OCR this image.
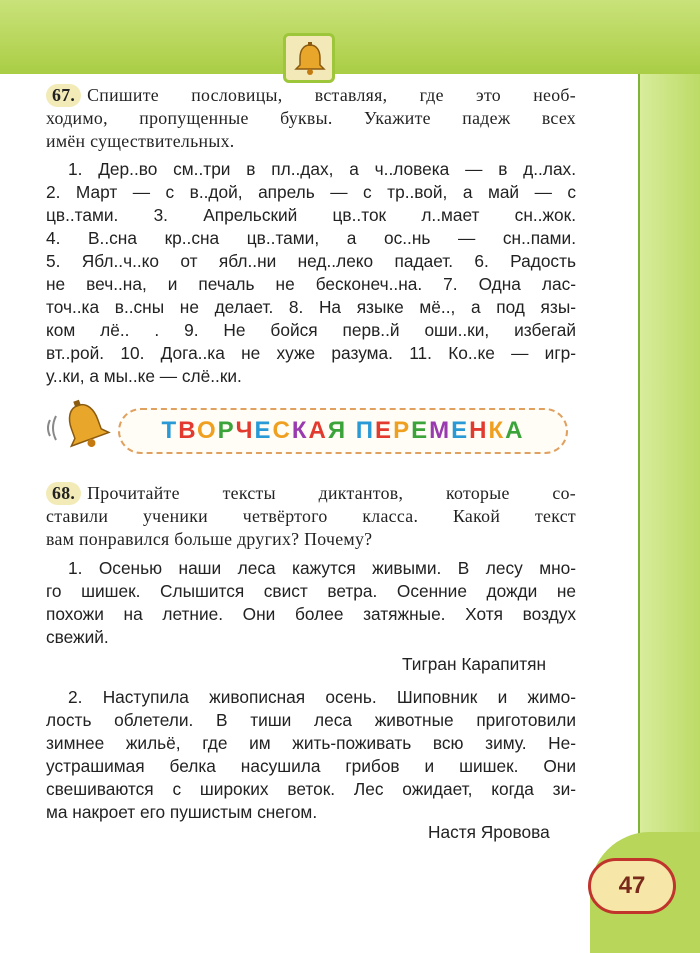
47
67. Спишите пословицы, вставляя, где это необ-
ходимо, пропущенные буквы. Укажите падеж всех
имён существительных.
1. Дер..во см..три в пл..дах, а ч..ловека — в д..лах.
2. Март — с в..дой, апрель — с тр..вой, а май — с
цв..тами. 3. Апрельский цв..ток л..мает сн..жок.
4. В..сна кр..сна цв..тами, а ос..нь — сн..пами.
5. Ябл..ч..ко от ябл..ни нед..леко падает. 6. Радость
не веч..на, и печаль не бесконеч..на. 7. Одна лас-
точ..ка в..сны не делает. 8. На языке мё.., а под язы-
ком лё.. . 9. Не бойся перв..й оши..ки, избегай
вт..рой. 10. Дога..ка не хуже разума. 11. Ко..ке — игр-
у..ки, а мы..ке — слё..ки.
ТВОРЧЕСКАЯ ПЕРЕМЕНКА
68. Прочитайте тексты диктантов, которые со-
ставили ученики четвёртого класса. Какой текст
вам понравился больше других? Почему?
1. Осенью наши леса кажутся живыми. В лесу мно-
го шишек. Слышится свист ветра. Осенние дожди не
похожи на летние. Они более затяжные. Хотя воздух
свежий.
Тигран Карапитян
2. Наступила живописная осень. Шиповник и жимо-
лость облетели. В тиши леса животные приготовили
зимнее жильё, где им жить-поживать всю зиму. Не-
устрашимая белка насушила грибов и шишек. Они
свешиваются с широких веток. Лес ожидает, когда зи-
ма накроет его пушистым снегом.
Настя Яровова
